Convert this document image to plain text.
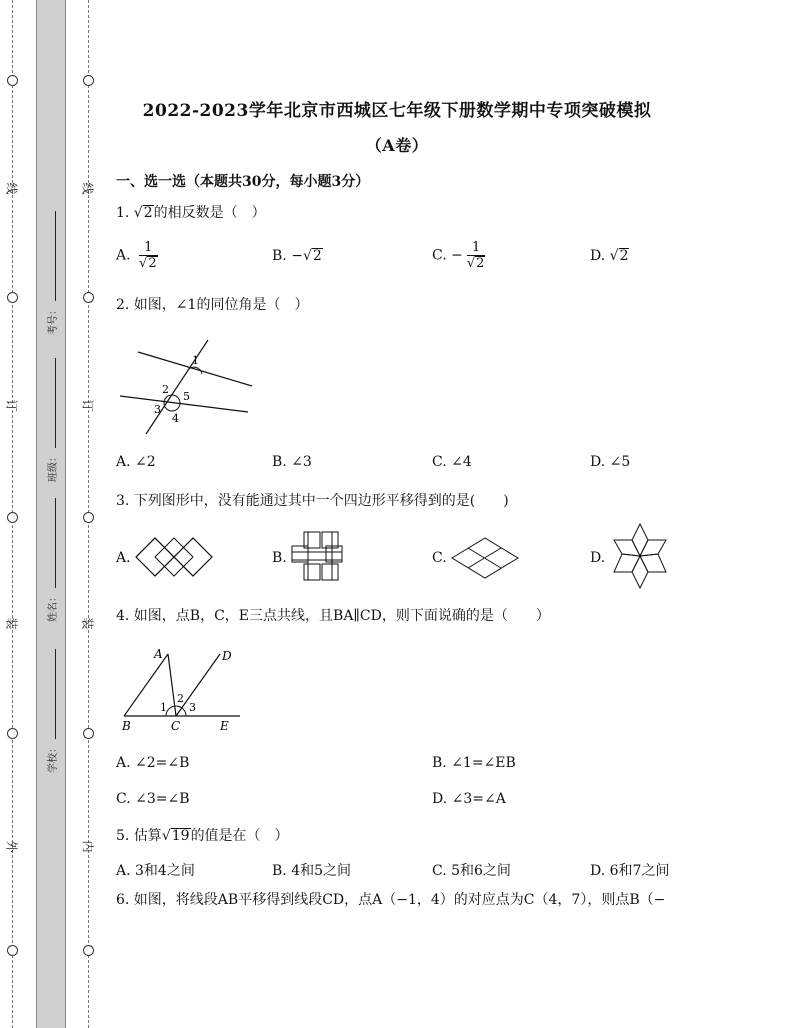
线
订
装
外
线
订
装
内
考号：
班级：
姓名：
学校：
2022-2023学年北京市西城区七年级下册数学期中专项突破模拟
（A卷）
一、选一选（本题共30分，每小题3分）
1. √2的相反数是（　）
A. $\frac{1}{√2}$	B. −√2	C. − $\frac{1}{√2}$	D. √2
2. 如图，∠1的同位角是（　）
1
2
5
3
4
A. ∠2	B. ∠3	C. ∠4	D. ∠5
3. 下列图形中，没有能通过其中一个四边形平移得到的是(　　)
A.	B.	C.	D.
4. 如图，点B，C，E三点共线，且BA∥CD，则下面说确的是（　　）
A	D
2
1 3
B	C	E
A. ∠2=∠B	B. ∠1=∠EB
C. ∠3=∠B	D. ∠3=∠A
5. 估算√19的值是在（　）
A. 3和4之间	B. 4和5之间	C. 5和6之间	D. 6和7之间
6. 如图，将线段AB平移得到线段CD，点A（−1，4）的对应点为C（4，7），则点B（−
